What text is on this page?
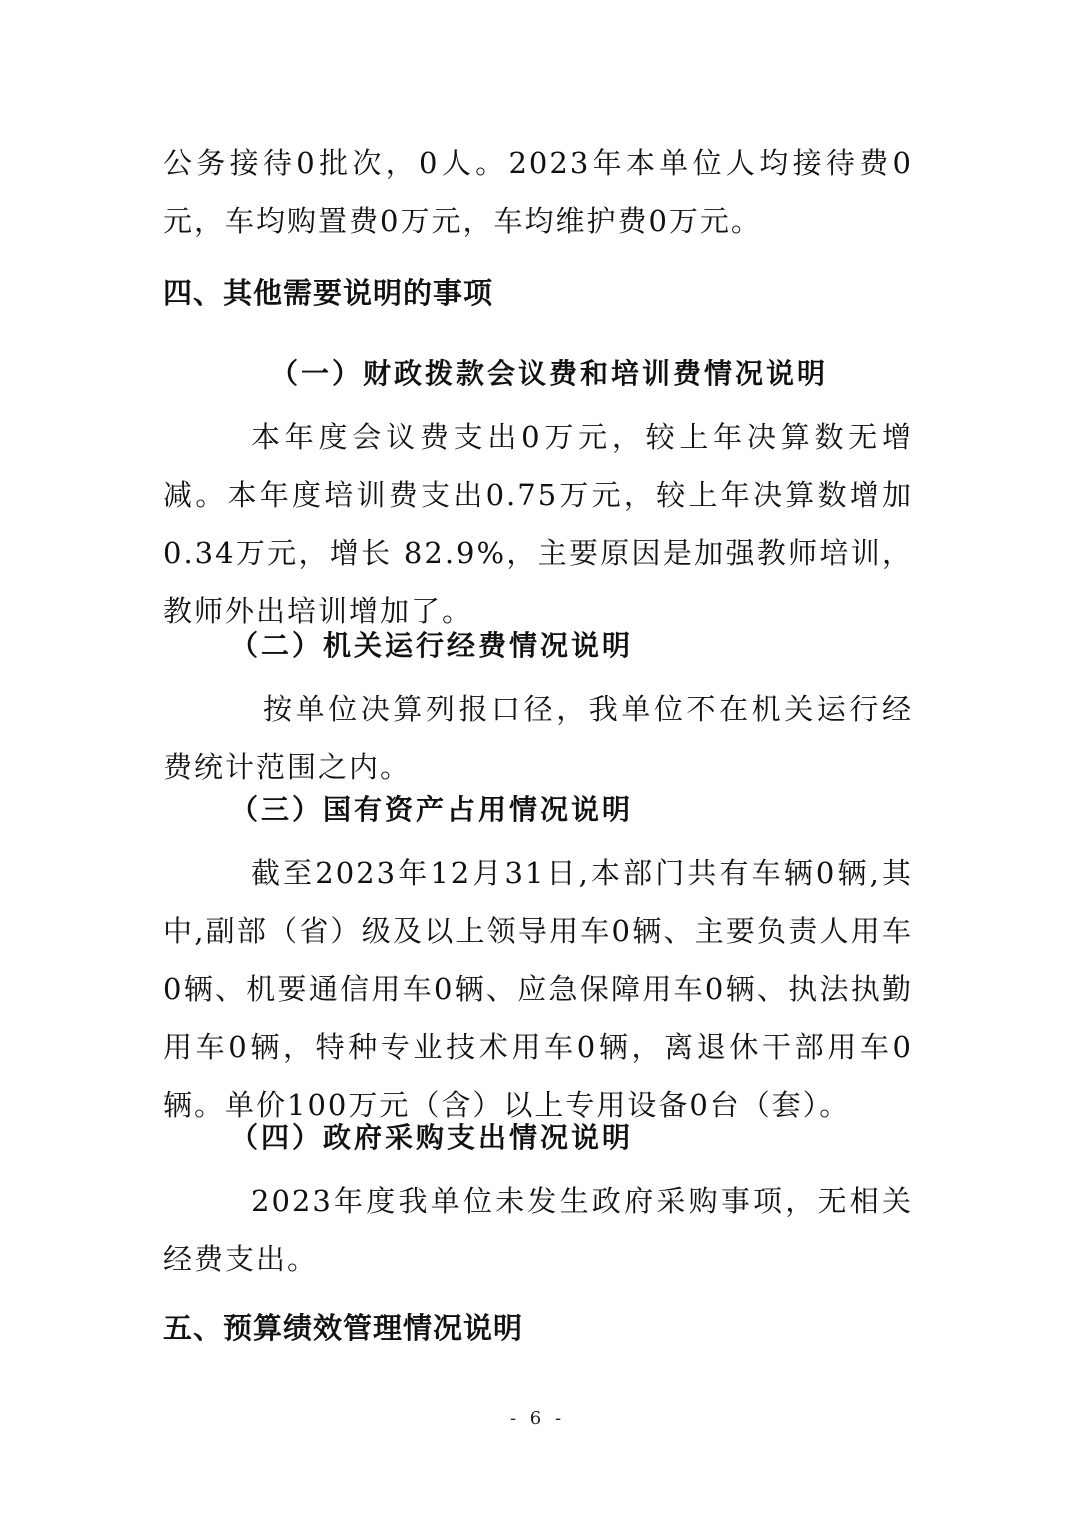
公务接待0批次，0人。2023年本单位人均接待费0元，车均购置费0万元，车均维护费0万元。

四、其他需要说明的事项
（一）财政拨款会议费和培训费情况说明

本年度会议费支出0万元，较上年决算数无增减。本年度培训费支出0.75万元，较上年决算数增加0.34万元，增长 82.9%，主要原因是加强教师培训，教师外出培训增加了。

（二）机关运行经费情况说明

按单位决算列报口径，我单位不在机关运行经费统计范围之内。

（三）国有资产占用情况说明

截至2023年12月31日,本部门共有车辆0辆,其中,副部（省）级及以上领导用车0辆、主要负责人用车0辆、机要通信用车0辆、应急保障用车0辆、执法执勤用车0辆，特种专业技术用车0辆，离退休干部用车0辆。单价100万元（含）以上专用设备0台（套）。

（四）政府采购支出情况说明

2023年度我单位未发生政府采购事项，无相关经费支出。

五、预算绩效管理情况说明
- 6 -
